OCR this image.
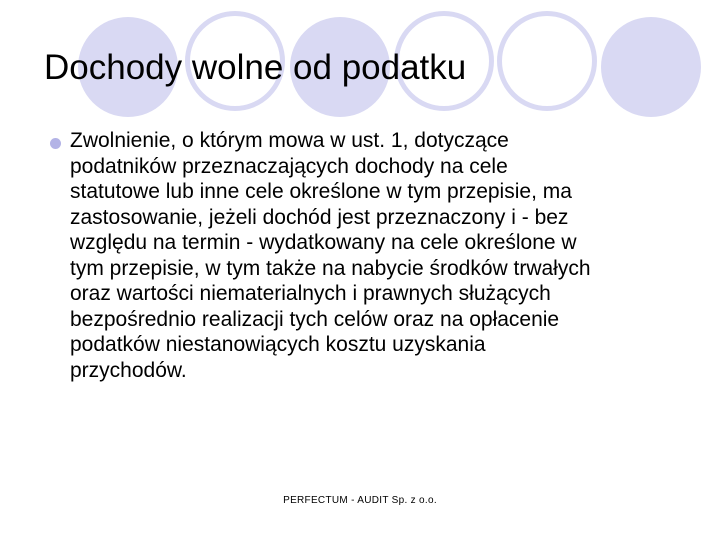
Dochody wolne od podatku
Zwolnienie, o którym mowa w ust. 1, dotyczące
podatników przeznaczających dochody na cele
statutowe lub inne cele określone w tym przepisie, ma
zastosowanie, jeżeli dochód jest przeznaczony i - bez
względu na termin - wydatkowany na cele określone w
tym przepisie, w tym także na nabycie środków trwałych
oraz wartości niematerialnych i prawnych służących
bezpośrednio realizacji tych celów oraz na opłacenie
podatków niestanowiących kosztu uzyskania
przychodów.
PERFECTUM - AUDIT Sp. z o.o.
